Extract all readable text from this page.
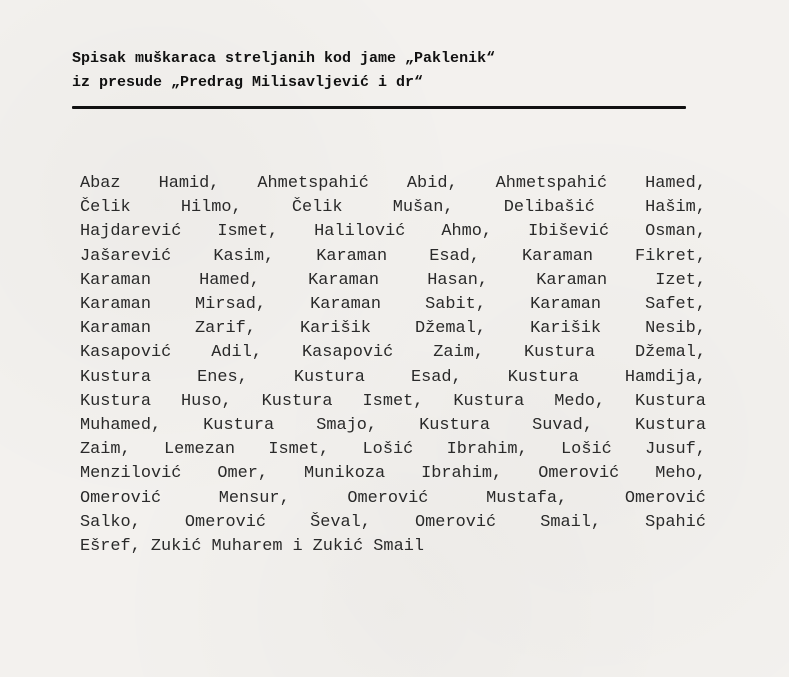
Spisak muškaraca streljanih kod jame „Paklenik“
iz presude „Predrag Milisavljević i dr“
Abaz Hamid, Ahmetspahić Abid, Ahmetspahić Hamed,
Čelik	Hilmo,	Čelik	Mušan,	Delibašić	Hašim,
Hajdarević Ismet, Halilović Ahmo, Ibišević Osman,
Jašarević Kasim, Karaman Esad, Karaman Fikret,
Karaman	Hamed,	Karaman	Hasan,	Karaman	Izet,
Karaman	Mirsad,	Karaman	Sabit,	Karaman	Safet,
Karaman	Zarif,	Karišik	Džemal,	Karišik	Nesib,
Kasapović Adil, Kasapović Zaim, Kustura Džemal,
Kustura	Enes,	Kustura	Esad,	Kustura	Hamdija,
Kustura Huso, Kustura Ismet, Kustura Medo, Kustura
Muhamed, Kustura Smajo, Kustura Suvad, Kustura
Zaim, Lemezan Ismet, Lošić Ibrahim, Lošić Jusuf,
Menzilović Omer, Munikoza Ibrahim, Omerović Meho,
Omerović	Mensur,	Omerović	Mustafa,	Omerović
Salko,	Omerović	Ševal,	Omerović	Smail,	Spahić
Ešref, Zukić Muharem i Zukić Smail
